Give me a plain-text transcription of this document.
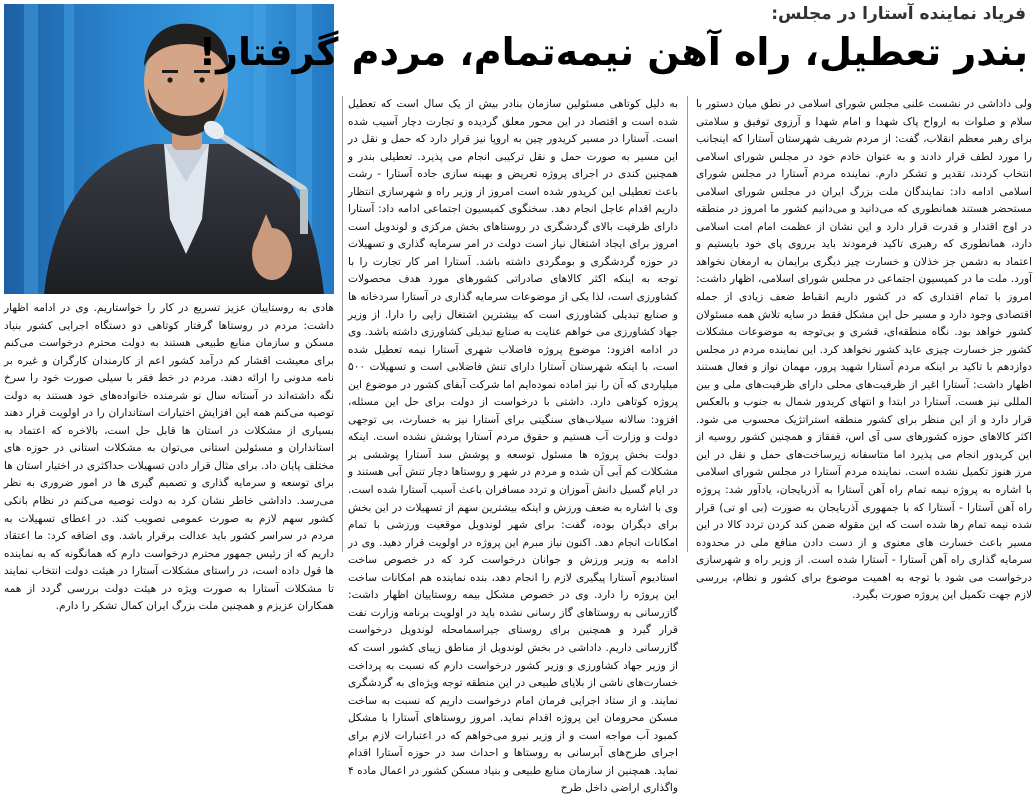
فریاد نماینده آستارا در مجلس:
بندر تعطیل، راه آهن نیمه‌تمام، مردم گرفتار!

ولی داداشی در نشست علنی مجلس شورای اسلامی در نطق میان دستور با سلام و صلوات به ارواح پاک شهدا و امام شهدا و آرزوی توفیق و سلامتی برای رهبر معظم انقلاب، گفت: از مردم شریف شهرستان آستارا که اینجانب را مورد لطف قرار دادند و به عنوان خادم خود در مجلس شورای اسلامی انتخاب کردند، تقدیر و تشکر دارم. نماینده مردم آستارا در مجلس شورای اسلامی ادامه داد: نمایندگان ملت بزرگ ایران در مجلس شورای اسلامی مستحضر هستند همانطوری که می‌دانید و می‌دانیم کشور ما امروز در منطقه در اوج اقتدار و قدرت قرار دارد و این نشان از عظمت امام امت اسلامی دارد، همانطوری که رهبری تاکید فرمودند باید برروی پای خود بایستیم و اعتماد به دشمن جز خذلان و خسارت چیز دیگری برایمان به ارمغان نخواهد آورد. ملت ما در کمیسیون اجتماعی در مجلس شورای اسلامی، اظهار داشت: امروز با تمام اقتداری که در کشور داریم انقباط ضعف زیادی از جمله اقتصادی وجود دارد و مسیر حل این مشکل فقط در سایه تلاش همه مسئولان کشور خواهد بود. نگاه منطقه‌ای، قشری و بی‌توجه به موضوعات مشکلات کشور جز خسارت چیزی عاید کشور نخواهد کرد. این نماینده مردم در مجلس دوازدهم با تاکید بر اینکه مردم آستارا شهید پرور، مهمان نواز و فعال هستند اظهار داشت: آستارا اغیر از ظرفیت‌های محلی دارای ظرفیت‌های ملی و بین المللی نیز هست. آستارا در ابتدا و انتهای کریدور شمال به جنوب و بالعکس قرار دارد و از این منظر برای کشور منطقه استراتژیک محسوب می شود. اکثر کالاهای حوزه کشورهای سی آی اس، قفقاز و همچنین کشور روسیه از این کریدور انجام می پذیرد اما متاسفانه زیرساخت‌های حمل و نقل در این مرز هنوز تکمیل نشده است. نماینده مردم آستارا در مجلس شورای اسلامی با اشاره به پروژه نیمه تمام راه آهن آستارا به آذربایجان، یادآور شد: پروژه راه آهن آستارا - آستارا که با جمهوری آذربایجان به صورت (بی او تی) قرار شده نیمه تمام رها شده است که این مقوله ضمن کند کردن تردد کالا در این مسیر باعث خسارت های معنوی و از دست دادن منافع ملی در محدوده سرمایه گذاری راه آهن آستارا - آستارا شده است. از وزیر راه و شهرسازی درخواست می شود با توجه به اهمیت موضوع برای کشور و نظام، بررسی لازم جهت تکمیل این پروژه صورت بگیرد.

به دلیل کوتاهی مسئولین سازمان بنادر بیش از یک سال است که تعطیل شده است و اقتصاد در این محور معلق گردیده و تجارت دچار آسیب شده است. آستارا در مسیر کریدور چین به اروپا نیز قرار دارد که حمل و نقل در این مسیر به صورت حمل و نقل ترکیبی انجام می پذیرد. تعطیلی بندر و همچنین کندی در اجرای پروژه تعریض و بهینه سازی جاده آستارا - رشت باعث تعطیلی این کریدور شده است امروز از وزیر راه و شهرسازی انتظار داریم اقدام عاجل انجام دهد. سخنگوی کمیسیون اجتماعی ادامه داد: آستارا دارای ظرفیت بالای گردشگری در روستاهای بخش مرکزی و لوندویل است امروز برای ایجاد اشتغال نیاز است دولت در امر سرمایه گذاری و تسهیلات در حوزه گردشگری و بومگردی داشته باشد. آستارا امر کار تجارت را با توجه به اینکه اکثر کالاهای صادراتی کشورهای مورد هدف محصولات کشاورزی است، لذا یکی از موضوعات سرمایه گذاری در آستارا سردخانه ها و صنایع تبدیلی کشاورزی است که بیشترین اشتغال زایی را دارا. از وزیر جهاد کشاورزی می خواهم عنایت به صنایع تبدیلی کشاورزی داشته باشد. وی در ادامه افزود: موضوع پروژه فاضلاب شهری آستارا نیمه تعطیل شده است، با اینکه شهرستان آستارا دارای تنش فاضلابی است و تسهیلات ۵۰۰ میلیاردی که آن را نیز اماده نموده‌ایم اما شرکت آبفای کشور در موضوع این پروژه کوتاهی دارد. داشتی با درخواست از دولت برای حل این مسئله، افزود: سالانه سیلاب‌های سنگینی برای آستارا نیز به خسارت، بی توجهی دولت و وزارت آب هستیم و حقوق مردم آستارا پوشش نشده است. اینکه دولت بخش پروژه ها مسئول توسعه و پوشش سد آستارا پوششی بر مشکلات کم آبی آن شده و مردم در شهر و روستاها دچار تنش آبی هستند و در ایام گسیل دانش آموزان و تردد مسافران باعث آسیب آستارا شده است. وی با اشاره به ضعف ورزش و اینکه بیشترین سهم از تسهیلات در این بخش برای دیگران بوده، گفت: برای شهر لوندویل موقعیت ورزشی با تمام امکانات انجام دهد. اکنون نیاز مبرم این پروژه در اولویت قرار دهید. وی در ادامه به وزیر ورزش و جوانان درخواست کرد که در خصوص ساخت استادیوم آستارا پیگیری لازم را انجام دهد، بنده نماینده هم امکانات ساخت این پروژه را دارد. وی در خصوص مشکل بیمه روستاییان اظهار داشت: گازرسانی به روستاهای گاز رسانی نشده باید در اولویت برنامه وزارت نفت قرار گیرد و همچنین برای روستای جیراسمامحله لوندویل درخواست گازرسانی داریم. داداشی در بخش لوندویل از مناطق زیبای کشور است که از وزیر جهاد کشاورزی و وزیر کشور درخواست دارم که نسبت به پرداخت خسارت‌های ناشی از بلایای طبیعی در این منطقه توجه ویژه‌ای به گردشگری نمایند. و از ستاد اجرایی فرمان امام درخواست داریم که نسبت به ساخت مسکن محرومان این پروژه اقدام نماید. امروز روستاهای آستارا با مشکل کمبود آب مواجه است و از وزیر نیرو می‌خواهم که در اعتبارات لازم برای اجرای طرح‌های آبرسانی به روستاها و احداث سد در حوزه آستارا اقدام نماید. همچنین از سازمان منابع طبیعی و بنیاد مسکن کشور در اعمال ماده ۴ واگذاری اراضی داخل طرح

هادی به روستاییان عزیز تسریع در کار را خواستاریم. وی در ادامه اظهار داشت: مردم در روستاها گرفتار کوتاهی دو دستگاه اجرایی کشور بنیاد مسکن و سازمان منابع طبیعی هستند به دولت محترم درخواست می‌کنم برای معیشت اقشار کم درآمد کشور اعم از کارمندان کارگران و غیره بر نامه مدونی را ارائه دهند. مردم در خط فقر با سیلی صورت خود را سرخ نگه داشته‌اند در آستانه سال نو شرمنده خانواده‌های خود هستند به دولت توصیه می‌کنم همه این افزایش اختیارات استانداران را در اولویت قرار دهند بسیاری از مشکلات در استان ها قابل حل است، بالاخره که اعتماد به استانداران و مسئولین استانی می‌توان به مشکلات استانی در حوزه های مختلف پایان داد. برای مثال قرار دادن تسهیلات حداکثری در اختیار استان ها برای توسعه و سرمایه گذاری و تصمیم گیری ها در امور ضروری به نظر می‌رسد. داداشی خاطر نشان کرد به دولت توصیه می‌کنم در نظام بانکی کشور سهم لازم به صورت عمومی تصویب کند. در اعطای تسهیلات به مردم در سراسر کشور باید عدالت برقرار باشد. وی اضافه کرد: ما اعتقاد داریم که از رئیس جمهور محترم درخواست دارم که همانگونه که به نماینده ها قول داده است، در راستای مشکلات آستارا در هیئت دولت انتخاب نمایند تا مشکلات آستارا به صورت ویژه در هیئت دولت بررسی گردد از همه همکاران عزیزم و همچنین ملت بزرگ ایران کمال تشکر را دارم.
